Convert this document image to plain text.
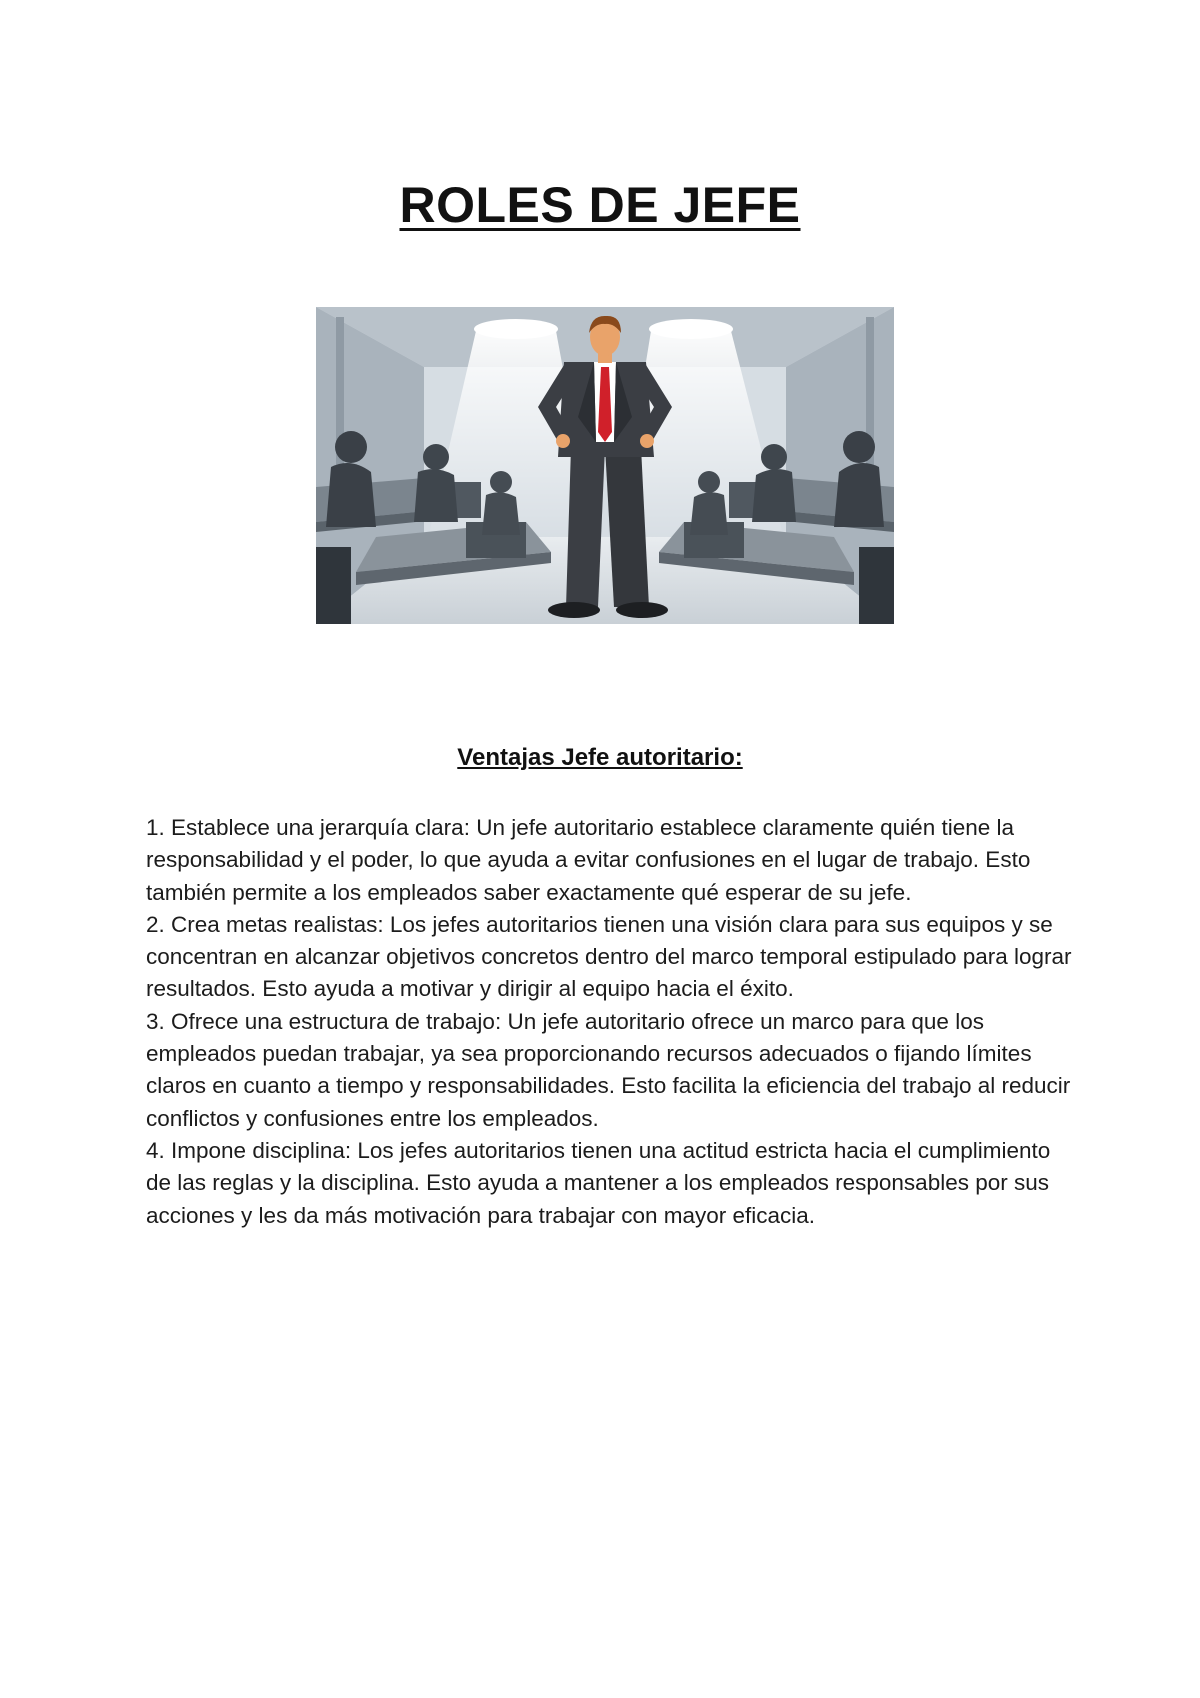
ROLES DE JEFE
Ventajas Jefe autoritario:

1. Establece una jerarquía clara: Un jefe autoritario establece claramente quién tiene la responsabilidad y el poder, lo que ayuda a evitar confusiones en el lugar de trabajo. Esto también permite a los empleados saber exactamente qué esperar de su jefe.

2. Crea metas realistas: Los jefes autoritarios tienen una visión clara para sus equipos y se concentran en alcanzar objetivos concretos dentro del marco temporal estipulado para lograr resultados. Esto ayuda a motivar y dirigir al equipo hacia el éxito.

3. Ofrece una estructura de trabajo: Un jefe autoritario ofrece un marco para que los empleados puedan trabajar, ya sea proporcionando recursos adecuados o fijando límites claros en cuanto a tiempo y responsabilidades. Esto facilita la eficiencia del trabajo al reducir conflictos y confusiones entre los empleados.

4. Impone disciplina: Los jefes autoritarios tienen una actitud estricta hacia el cumplimiento de las reglas y la disciplina. Esto ayuda a mantener a los empleados responsables por sus acciones y les da más motivación para trabajar con mayor eficacia.
